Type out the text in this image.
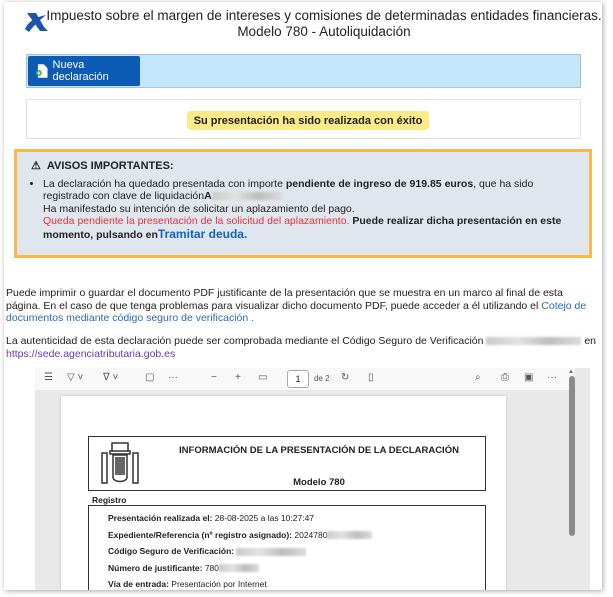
Impuesto sobre el margen de intereses y comisiones de determinadas entidades financieras.
Modelo 780 - Autoliquidación
Nueva declaración
Su presentación ha sido realizada con éxito
⚠ AVISOS IMPORTANTES:
• La declaración ha quedado presentada con importe pendiente de ingreso de 919.85 euros, que ha sido registrado con clave de liquidaciónA
Ha manifestado su intención de solicitar un aplazamiento del pago.
Queda pendiente la presentación de la solicitud del aplazamiento. Puede realizar dicha presentación en este momento, pulsando enTramitar deuda.
Puede imprimir o guardar el documento PDF justificante de la presentación que se muestra en un marco al final de esta página. En el caso de que tenga problemas para visualizar dicho documento PDF, puede acceder a él utilizando el Cotejo de documentos mediante código seguro de verificación .
La autenticidad de esta declaración puede ser comprobada mediante el Código Seguro de Verificación	en
https://sede.agenciatributaria.gob.es
☰ ▽ ˅ ∇ ˅	▢ ···	− + ▭	1	de 2 ↻ ▯	⌕ ⎙ ▣ ···
INFORMACIÓN DE LA PRESENTACIÓN DE LA DECLARACIÓN
Modelo 780
Registro
Presentación realizada el: 28-08-2025 a las 10:27:47
Expediente/Referencia (nº registro asignado): 2024780
Código Seguro de Verificación:
Número de justificante: 780
Vía de entrada: Presentación por Internet
▲
